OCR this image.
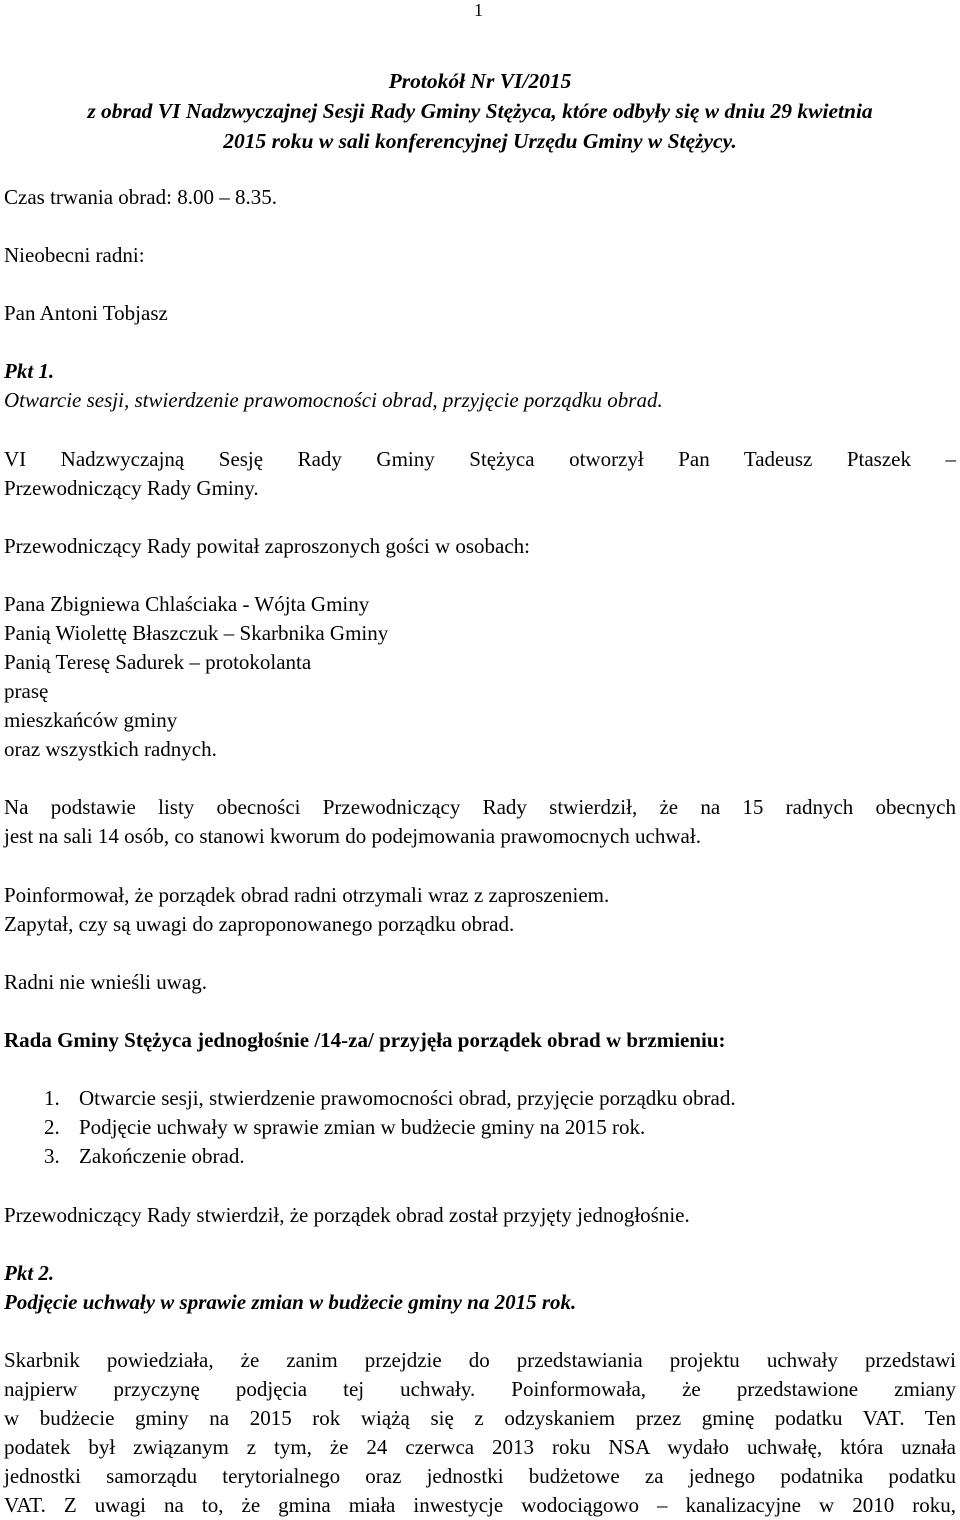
1
Protokół Nr VI/2015
z obrad VI Nadzwyczajnej Sesji Rady Gminy Stężyca, które odbyły się w dniu 29 kwietnia
2015 roku w sali konferencyjnej Urzędu Gminy w Stężycy.
Czas trwania obrad: 8.00 – 8.35.
Nieobecni radni:
Pan Antoni Tobjasz
Pkt 1.
Otwarcie sesji, stwierdzenie prawomocności obrad, przyjęcie porządku obrad.
VI Nadzwyczajną Sesję Rady Gminy Stężyca otworzył Pan Tadeusz Ptaszek –
Przewodniczący Rady Gminy.
Przewodniczący Rady powitał zaproszonych gości w osobach:
Pana Zbigniewa Chlaściaka - Wójta Gminy
Panią Wiolettę Błaszczuk – Skarbnika Gminy
Panią Teresę Sadurek – protokolanta
prasę
mieszkańców gminy
oraz wszystkich radnych.
Na podstawie listy obecności Przewodniczący Rady stwierdził, że na 15 radnych obecnych
jest na sali 14 osób, co stanowi kworum do podejmowania prawomocnych uchwał.
Poinformował, że porządek obrad radni otrzymali wraz z zaproszeniem.
Zapytał, czy są uwagi do zaproponowanego porządku obrad.
Radni nie wnieśli uwag.
Rada Gminy Stężyca jednogłośnie /14-za/ przyjęła porządek obrad w brzmieniu:
1. Otwarcie sesji, stwierdzenie prawomocności obrad, przyjęcie porządku obrad.
2. Podjęcie uchwały w sprawie zmian w budżecie gminy na 2015 rok.
3. Zakończenie obrad.
Przewodniczący Rady stwierdził, że porządek obrad został przyjęty jednogłośnie.
Pkt 2.
Podjęcie uchwały w sprawie zmian w budżecie gminy na 2015 rok.
Skarbnik powiedziała, że zanim przejdzie do przedstawiania projektu uchwały przedstawi
najpierw przyczynę podjęcia tej uchwały. Poinformowała, że przedstawione zmiany
w budżecie gminy na 2015 rok wiążą się z odzyskaniem przez gminę podatku VAT. Ten
podatek był związanym z tym, że 24 czerwca 2013 roku NSA wydało uchwałę, która uznała
jednostki samorządu terytorialnego oraz jednostki budżetowe za jednego podatnika podatku
VAT. Z uwagi na to, że gmina miała inwestycje wodociągowo – kanalizacyjne w 2010 roku,
